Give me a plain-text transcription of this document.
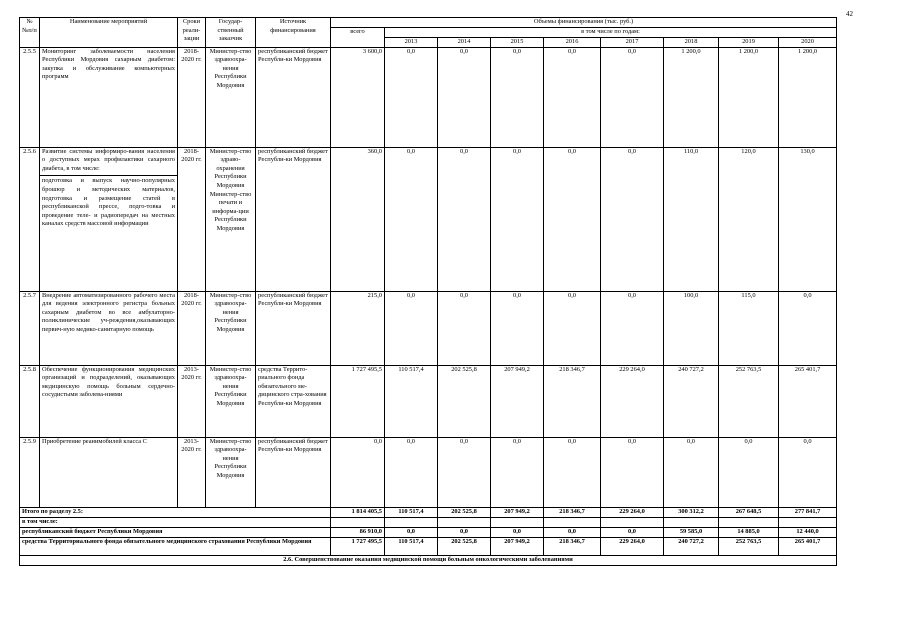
42
№№п/п	Наименование мероприятий	Сроки реали-зации	Государ-ственный заказчик	Источник финансирования	Объемы финансирования (тыс. руб.)								
					всего	в том числе по годам:							
						2013	2014	2015	2016	2017	2018	2019	2020
2.5.5	Мониторинг заболеваемости населения Республики Мордовия сахарным диабетом: закупка и обслуживание компьютерных программ	2018-2020 гг.	Министер-ство здравоохра-нения Республики Мордовия	республиканский бюджет Республи-ки Мордовия	3 600,0	0,0	0,0	0,0	0,0	0,0	1 200,0	1 200,0	1 200,0
2.5.6	Развитие системы информиро-вания населения о доступных мерах профилактики сахарного диабета, в том числе:
подготовка и выпуск научно-популярных брошюр и методических материалов, подготовка и размещение статей в республиканской прессе, подго-товка и проведение теле- и радиопередач на местных каналах средств массовой информации	2018-2020 гг.	Министер-ство здраво-охранения Республики Мордовия Министер-ство печати и информа-ции Республики Мордовия	республиканский бюджет Республи-ки Мордовия	360,0	0,0	0,0	0,0	0,0	0,0	110,0	120,0	130,0
2.5.7	Внедрение автоматизированного рабочего места для ведения электронного регистра больных сахарным диабетом во все амбулаторно-поликлинические уч-реждения,оказывающих первич-ную медико-санитарную помощь	2018-2020 гг.	Министер-ство здравоохра-нения Республики Мордовия	республиканский бюджет Республи-ки Мордовия	215,0	0,0	0,0	0,0	0,0	0,0	100,0	115,0	0,0
2.5.8	Обеспечение функционирования медицинских организаций и подразделений, оказывающих медицинскую помощь больным сердечно-сосудистыми заболева-ниями	2013-2020 гг.	Министер-ство здравоохра-нения Республики Мордовия	средства Террито-риального фонда обязательного ме-дицинского стра-хования Республи-ки Мордовия	1 727 495,5	110 517,4	202 525,8	207 949,2	218 346,7	229 264,0	240 727,2	252 763,5	265 401,7
2.5.9	Приобретение реанимобилей класса С	2013-2020 гг.	Министер-ство здравоохра-нения Республики Мордовия	республиканский бюджет Республи-ки Мордовия	0,0	0,0	0,0	0,0	0,0	0,0	0,0	0,0	0,0
Итого по разделу 2.5:					1 814 405,5	110 517,4	202 525,8	207 949,2	218 346,7	229 264,0	300 312,2	267 648,5	277 841,7
в том числе:													
республиканский бюджет Республики Мордовия					86 910,0	0,0	0,0	0,0	0,0	0,0	59 585,0	14 885,0	12 440,0
средства Территориального фонда обязательного медицинского страхования Республики Мордовия					1 727 495,5	110 517,4	202 525,8	207 949,2	218 346,7	229 264,0	240 727,2	252 763,5	265 401,7
2.6. Совершенствование оказания медицинской помощи больным онкологическими заболеваниями													
